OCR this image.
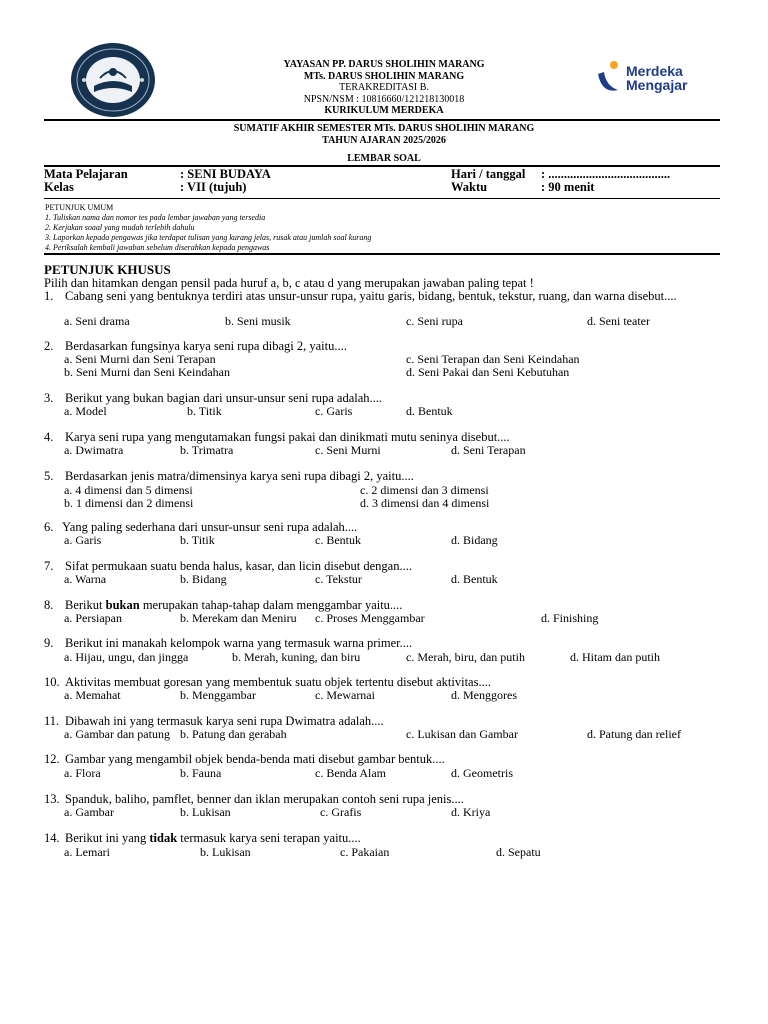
YAYASAN PP. DARUS SHOLIHIN MARANG
MTs. DARUS SHOLIHIN MARANG
TERAKREDITASI B.
NPSN/NSM : 10816660/121218130018
KURIKULUM MERDEKA
Merdeka
Mengajar
SUMATIF AKHIR SEMESTER MTs. DARUS SHOLIHIN MARANG
TAHUN AJARAN 2025/2026
LEMBAR SOAL
Mata Pelajaran	: SENI BUDAYA
Kelas	: VII (tujuh)
Hari / tanggal : .......................................
Waktu	: 90 menit
PETUNJUK UMUM
1. Tuliskan nama dan nomor tes pada lembar jawaban yang tersedia
2. Kerjakan soaal yang mudah terlebih dahulu
3. Laporkan kepada pengawas jika terdapat tulisan yang kurang jelas, rusak atau jumlah soal kurang
4. Periksalah kembali jawaban sebelum diserahkan kepada pengawas
PETUNJUK KHUSUS
Pilih dan hitamkan dengan pensil pada huruf a, b, c atau d yang merupakan jawaban paling tepat !
1. Cabang seni yang bentuknya terdiri atas unsur-unsur rupa, yaitu garis, bidang, bentuk, tekstur, ruang, dan warna disebut....
a. Seni drama	b. Seni musik	c. Seni rupa	d. Seni teater
2. Berdasarkan fungsinya karya seni rupa dibagi 2, yaitu....
a. Seni Murni dan Seni Terapan
b. Seni Murni dan Seni Keindahan
c. Seni Terapan dan Seni Keindahan
d. Seni Pakai dan Seni Kebutuhan
3. Berikut yang bukan bagian dari unsur-unsur seni rupa adalah....
a. Model	b. Titik	c. Garis	d. Bentuk
4. Karya seni rupa yang mengutamakan fungsi pakai dan dinikmati mutu seninya disebut....
a. Dwimatra	b. Trimatra	c. Seni Murni	d. Seni Terapan
5. Berdasarkan jenis matra/dimensinya karya seni rupa dibagi 2, yaitu....
a. 4 dimensi dan 5 dimensi
b. 1 dimensi dan 2 dimensi
c. 2 dimensi dan 3 dimensi
d. 3 dimensi dan 4 dimensi
6. Yang paling sederhana dari unsur-unsur seni rupa adalah....
a. Garis	b. Titik	c. Bentuk	d. Bidang
7. Sifat permukaan suatu benda halus, kasar, dan licin disebut dengan....
a. Warna	b. Bidang	c. Tekstur	d. Bentuk
8. Berikut bukan merupakan tahap-tahap dalam menggambar yaitu....
a. Persiapan	b. Merekam dan Meniru c. Proses Menggambar	d. Finishing
9. Berikut ini manakah kelompok warna yang termasuk warna primer....
a. Hijau, ungu, dan jingga	b. Merah, kuning, dan biru	c. Merah, biru, dan putih	d. Hitam dan putih
10. Aktivitas membuat goresan yang membentuk suatu objek tertentu disebut aktivitas....
a. Memahat	b. Menggambar	c. Mewarnai	d. Menggores
11. Dibawah ini yang termasuk karya seni rupa Dwimatra adalah....
a. Gambar dan patung b. Patung dan gerabah	c. Lukisan dan Gambar	d. Patung dan relief
12. Gambar yang mengambil objek benda-benda mati disebut gambar bentuk....
a. Flora	b. Fauna	c. Benda Alam	d. Geometris
13. Spanduk, baliho, pamflet, benner dan iklan merupakan contoh seni rupa jenis....
a. Gambar	b. Lukisan	c. Grafis	d. Kriya
14. Berikut ini yang tidak termasuk karya seni terapan yaitu....
a. Lemari	b. Lukisan	c. Pakaian	d. Sepatu
